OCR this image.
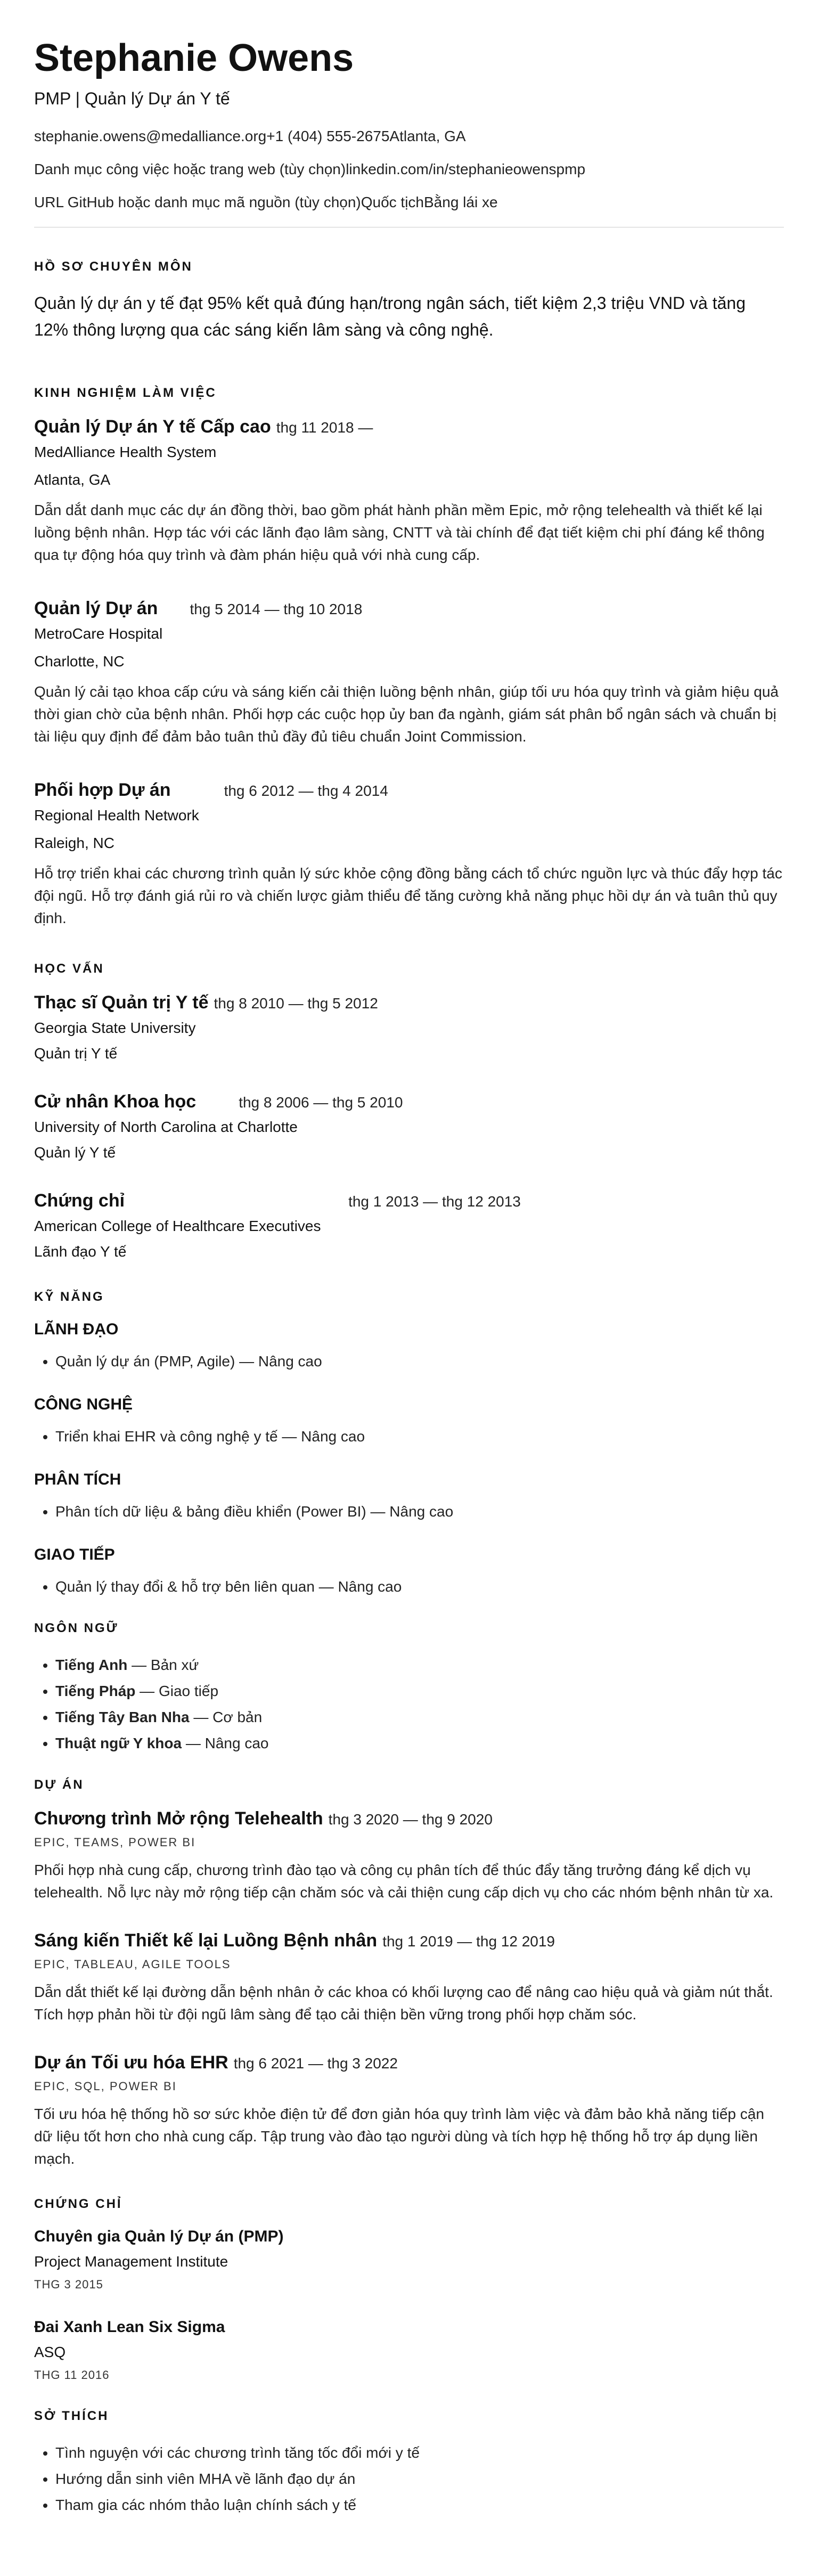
Stephanie Owens
PMP | Quản lý Dự án Y tế
stephanie.owens@medalliance.org+1 (404) 555-2675Atlanta, GA
Danh mục công việc hoặc trang web (tùy chọn)linkedin.com/in/stephanieowenspmp
URL GitHub hoặc danh mục mã nguồn (tùy chọn)Quốc tịchBằng lái xe
HỒ SƠ CHUYÊN MÔN

Quản lý dự án y tế đạt 95% kết quả đúng hạn/trong ngân sách, tiết kiệm 2,3 triệu VND và tăng 12% thông lượng qua các sáng kiến lâm sàng và công nghệ.

KINH NGHIỆM LÀM VIỆC
Quản lý Dự án Y tế Cấp cao thg 11 2018 —
MedAlliance Health System
Atlanta, GA

Dẫn dắt danh mục các dự án đồng thời, bao gồm phát hành phần mềm Epic, mở rộng telehealth và thiết kế lại luồng bệnh nhân. Hợp tác với các lãnh đạo lâm sàng, CNTT và tài chính để đạt tiết kiệm chi phí đáng kể thông qua tự động hóa quy trình và đàm phán hiệu quả với nhà cung cấp.

Quản lý Dự án thg 5 2014 — thg 10 2018
MetroCare Hospital
Charlotte, NC

Quản lý cải tạo khoa cấp cứu và sáng kiến cải thiện luồng bệnh nhân, giúp tối ưu hóa quy trình và giảm hiệu quả thời gian chờ của bệnh nhân. Phối hợp các cuộc họp ủy ban đa ngành, giám sát phân bổ ngân sách và chuẩn bị tài liệu quy định để đảm bảo tuân thủ đầy đủ tiêu chuẩn Joint Commission.

Phối hợp Dự án	thg 6 2012 — thg 4 2014
Regional Health Network
Raleigh, NC

Hỗ trợ triển khai các chương trình quản lý sức khỏe cộng đồng bằng cách tổ chức nguồn lực và thúc đẩy hợp tác đội ngũ. Hỗ trợ đánh giá rủi ro và chiến lược giảm thiểu để tăng cường khả năng phục hồi dự án và tuân thủ quy định.

HỌC VẤN
Thạc sĩ Quản trị Y tế thg 8 2010 — thg 5 2012
Georgia State University
Quản trị Y tế
Cử nhân Khoa học	thg 8 2006 — thg 5 2010
University of North Carolina at Charlotte
Quản lý Y tế
Chứng chỉ	thg 1 2013 — thg 12 2013
American College of Healthcare Executives
Lãnh đạo Y tế
KỸ NĂNG
LÃNH ĐẠO
• Quản lý dự án (PMP, Agile) — Nâng cao
CÔNG NGHỆ
• Triển khai EHR và công nghệ y tế — Nâng cao
PHÂN TÍCH
• Phân tích dữ liệu & bảng điều khiển (Power BI) — Nâng cao
GIAO TIẾP
• Quản lý thay đổi & hỗ trợ bên liên quan — Nâng cao
NGÔN NGỮ
• Tiếng Anh — Bản xứ
• Tiếng Pháp — Giao tiếp
• Tiếng Tây Ban Nha — Cơ bản
• Thuật ngữ Y khoa — Nâng cao
DỰ ÁN
Chương trình Mở rộng Telehealth thg 3 2020 — thg 9 2020
EPIC, TEAMS, POWER BI

Phối hợp nhà cung cấp, chương trình đào tạo và công cụ phân tích để thúc đẩy tăng trưởng đáng kể dịch vụ telehealth. Nỗ lực này mở rộng tiếp cận chăm sóc và cải thiện cung cấp dịch vụ cho các nhóm bệnh nhân từ xa.

Sáng kiến Thiết kế lại Luồng Bệnh nhân thg 1 2019 — thg 12 2019
EPIC, TABLEAU, AGILE TOOLS

Dẫn dắt thiết kế lại đường dẫn bệnh nhân ở các khoa có khối lượng cao để nâng cao hiệu quả và giảm nút thắt. Tích hợp phản hồi từ đội ngũ lâm sàng để tạo cải thiện bền vững trong phối hợp chăm sóc.

Dự án Tối ưu hóa EHR thg 6 2021 — thg 3 2022
EPIC, SQL, POWER BI

Tối ưu hóa hệ thống hồ sơ sức khỏe điện tử để đơn giản hóa quy trình làm việc và đảm bảo khả năng tiếp cận dữ liệu tốt hơn cho nhà cung cấp. Tập trung vào đào tạo người dùng và tích hợp hệ thống hỗ trợ áp dụng liền mạch.

CHỨNG CHỈ
Chuyên gia Quản lý Dự án (PMP)
Project Management Institute
THG 3 2015
Đai Xanh Lean Six Sigma
ASQ
THG 11 2016
SỞ THÍCH
• Tình nguyện với các chương trình tăng tốc đổi mới y tế
• Hướng dẫn sinh viên MHA về lãnh đạo dự án
• Tham gia các nhóm thảo luận chính sách y tế
